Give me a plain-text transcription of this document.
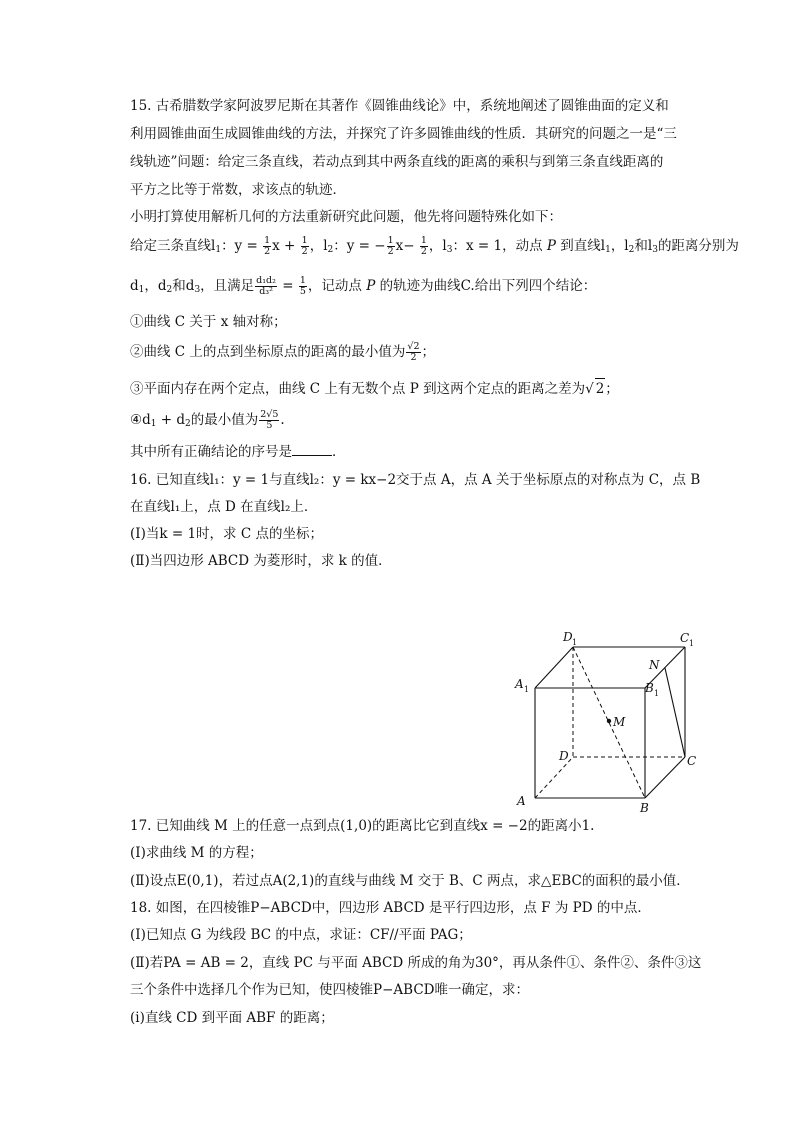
15. 古希腊数学家阿波罗尼斯在其著作《圆锥曲线论》中，系统地阐述了圆锥曲面的定义和
利用圆锥曲面生成圆锥曲线的方法，并探究了许多圆锥曲线的性质．其研究的问题之一是“三
线轨迹”问题：给定三条直线，若动点到其中两条直线的距离的乘积与到第三条直线距离的
平方之比等于常数，求该点的轨迹．
小明打算使用解析几何的方法重新研究此问题，他先将问题特殊化如下：
给定三条直线$l_1$：$y = \frac{1}{2}$ $x + \frac{1}{2}$ ，$l_2$：y = − $\frac{1}{2} x- \frac{1}{2}$ ，$l_3$：x = 1，动点 P 到直线$l_1$，$l_2$和$l_3$的距离分别为
$d_1$，$d_2$和$d_3$，且满足 $\frac{\text{d₁d₂}}{\text{d₃²}} = \frac{1}{5}$ ，记动点 P 的轨迹为曲线C.给出下列四个结论：
①曲线 C 关于 x 轴对称；
②曲线 C 上的点到坐标原点的距离的最小值为 $\frac{√2}{2}$ ；
③平面内存在两个定点，曲线 C 上有无数个点 P 到这两个定点的距离之差为√ 2；
$④d_1 + d_2$的最小值为 $\frac{2√5}{5}$ .
其中所有正确结论的序号是	．
16. 已知直线l₁：y = 1与直线l₂：y = kx−2交于点 A，点 A 关于坐标原点的对称点为 C，点 B
在直线l₁上，点 D 在直线l₂上．
(Ⅰ)当k = 1时，求 C 点的坐标；
(Ⅱ)当四边形 ABCD 为菱形时，求 k 的值．
D 1	C 1
A 1	B 1
N
M
D	C
A	B
17. 已知曲线 M 上的任意一点到点(1,0)的距离比它到直线x = −2的距离小1.
(Ⅰ)求曲线 M 的方程；
(Ⅱ)设点E(0,1)，若过点A(2,1)的直线与曲线 M 交于 B、C 两点，求△EBC的面积的最小值．
18. 如图，在四棱锥P−ABCD中，四边形 ABCD 是平行四边形，点 F 为 PD 的中点．
(Ⅰ)已知点 G 为线段 BC 的中点，求证：CF//平面 PAG；
(Ⅱ)若PA = AB = 2，直线 PC 与平面 ABCD 所成的角为30°，再从条件①、条件②、条件③这
三个条件中选择几个作为已知，使四棱锥P−ABCD唯一确定，求：
(i)直线 CD 到平面 ABF 的距离；
